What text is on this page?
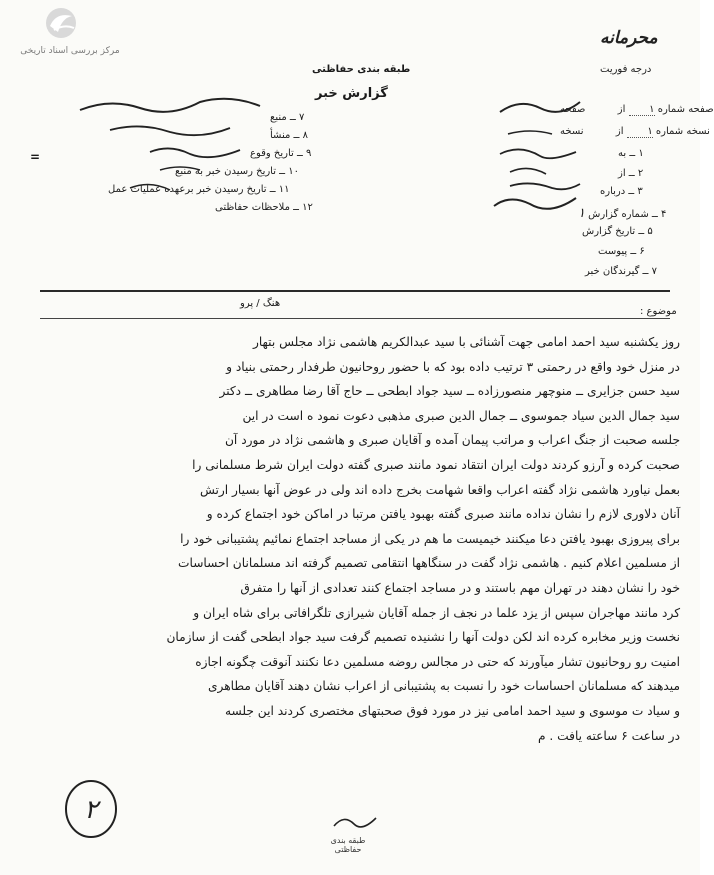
مرکز بررسی اسناد تاریخی
محرمانه
درجه فوریت
طبقه بندی حفاظتی
گزارش خبر
صفحه شماره ۱ از  صفحه
نسخه شماره ۱ از  نسخه
۱ ــ به
۲ ــ از
۳ ــ درباره
۴ ــ شماره گزارش ۱
۵ ــ تاریخ گزارش
۶ ــ پیوست
۷ ــ گیرندگان خبر
۷ ــ منبع
۸ ــ منشأ
۹ ــ تاریخ وقوع
۱۰ ــ تاریخ رسیدن خبر به منبع
۱۱ ــ تاریخ رسیدن خبر برعهده عملیات عمل
۱۲ ــ ملاحظات حفاظتی
=
موضوع :
هنگ / پرو
روز یکشنبه سید احمد امامی جهت آشنائی با سید عبدالکریم هاشمی نژاد مجلس بتهار
در منزل خود واقع در رحمتی ۳ ترتیب داده بود که با حضور روحانیون طرفدار رحمتی بنیاد و
سید حسن جزایری ــ منوچهر منصورزاده ــ سید جواد ابطحی ــ حاج آقا رضا مطاهری ــ دکتر
سید جمال الدین سیاد جموسوی ــ جمال الدین صبری مذهبی دعوت نمود ه است در این
جلسه صحبت از جنگ اعراب و مراتب پیمان آمده و آقایان صبری و هاشمی نژاد در مورد آن
صحبت کرده و آرزو کردند دولت ایران انتقاد نمود مانند صبری گفته دولت ایران شرط مسلمانی را
بعمل نیاورد هاشمی نژاد گفته اعراب واقعا شهامت بخرج داده اند ولی در عوض آنها بسیار ارتش
آنان دلاوری لازم را نشان نداده مانند صبری گفته بهبود یافتن مرتبا در اماکن خود اجتماع کرده و
برای پیروزی بهبود یافتن دعا میکنند خیمیست ما هم در یکی از مساجد اجتماع نمائیم پشتیبانی خود را
از مسلمین اعلام کنیم . هاشمی نژاد گفت در سنگاهها انتقامی تصمیم گرفته اند مسلمانان احساسات
خود را نشان دهند در تهران مهم باستند و در مساجد اجتماع کنند تعدادی از آنها را متفرق
کرد مانند مهاجران سپس از یزد علما در نجف از جمله آقایان شیرازی تلگرافاتی برای شاه ایران و
نخست وزیر مخابره کرده اند لکن دولت آنها را نشنیده تصمیم گرفت سید جواد ابطحی گفت از سازمان
امنیت رو روحانیون تشار میآورند که حتی در مجالس روضه مسلمین دعا نکنند آنوقت چگونه اجازه
میدهند که مسلمانان احساسات خود را نسبت به پشتیبانی از اعراب نشان دهند آقایان مطاهری
و سیاد ت موسوی و سید احمد امامی نیز در مورد فوق صحبتهای مختصری کردند این جلسه
در ساعت ۶ ساعته یافت . م
۲
طبقه بندی حفاظتی
